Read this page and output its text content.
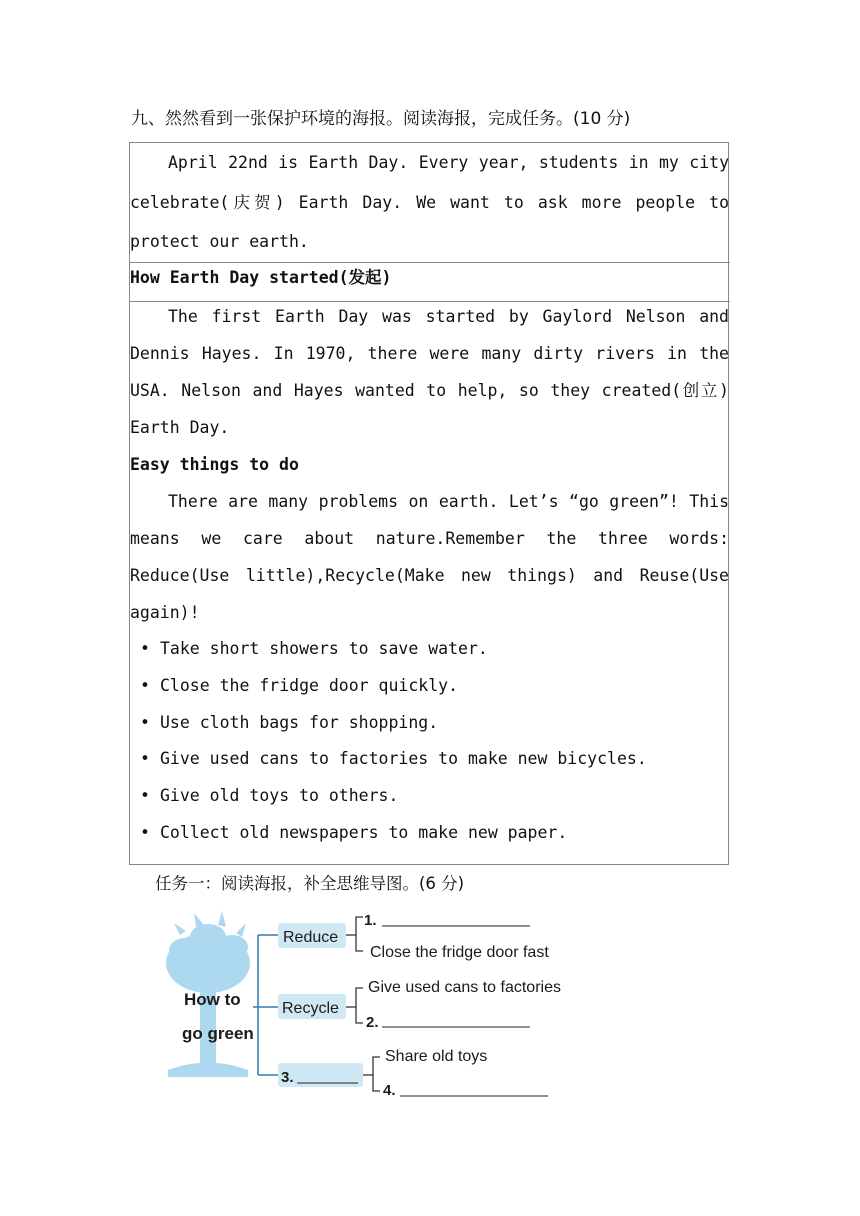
九、然然看到一张保护环境的海报。阅读海报，完成任务。(10 分)

April 22nd is Earth Day. Every year, students in my city celebrate(庆贺) Earth Day. We want to ask more people to protect our earth.

How Earth Day started(发起)

The first Earth Day was started by Gaylord Nelson and Dennis Hayes. In 1970, there were many dirty rivers in the USA. Nelson and Hayes wanted to help, so they created(创立) Earth Day.

Easy things to do

There are many problems on earth. Let’s “go green”! This means we care about nature.Remember the three words: Reduce(Use little),Recycle(Make new things) and Reuse(Use again)!

• Take short showers to save water.
• Close the fridge door quickly.
• Use cloth bags for shopping.
• Give used cans to factories to make new bicycles.
• Give old toys to others.
• Collect old newspapers to make new paper.
任务一：阅读海报，补全思维导图。(6 分)
How to
go green
Reduce
Recycle
3.
1.
Close the fridge door fast
Give used cans to factories
2.
Share old toys
4.
